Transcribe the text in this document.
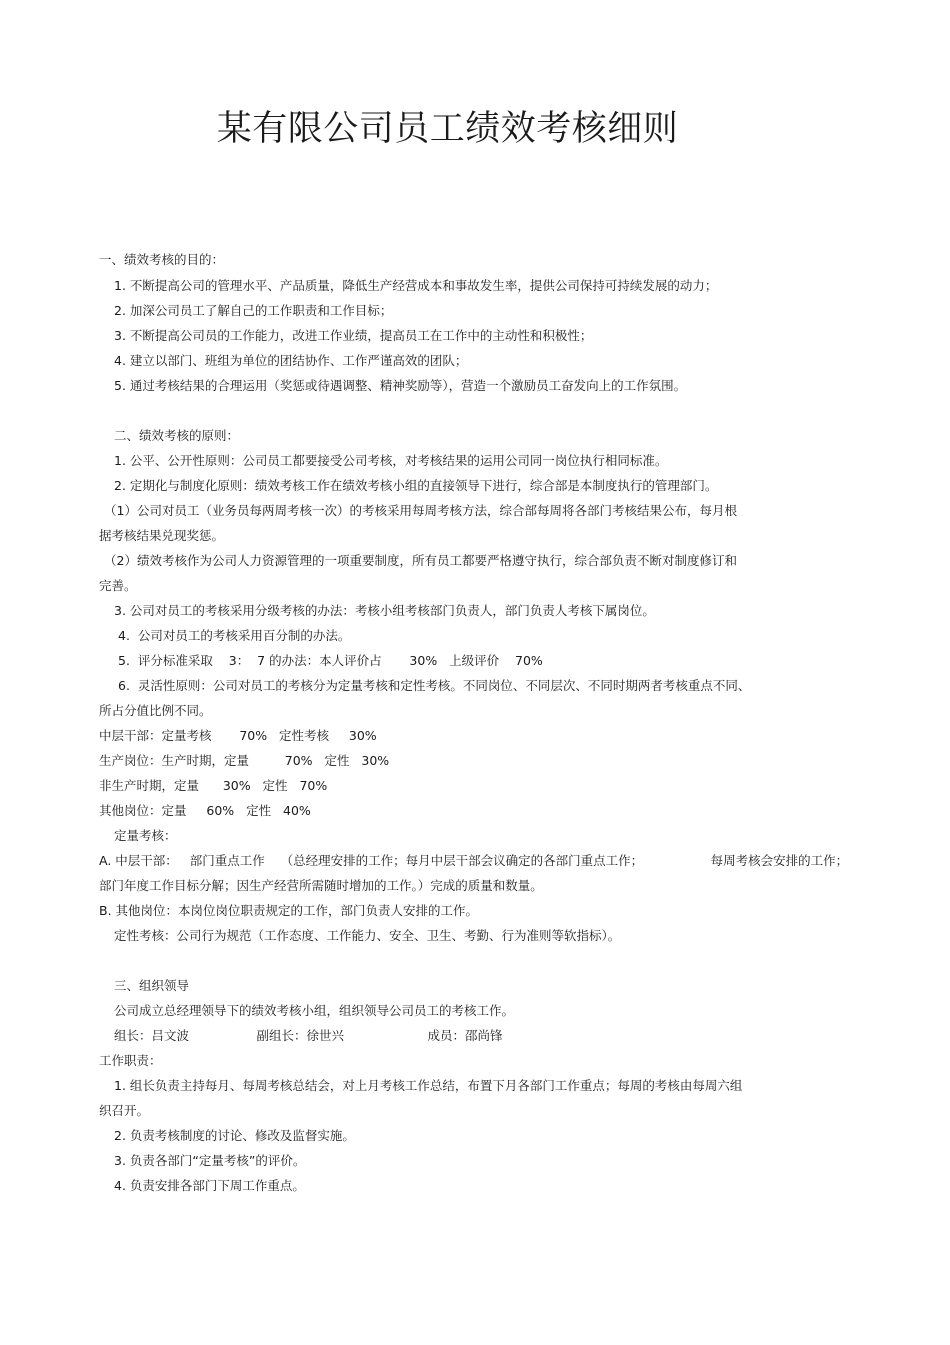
某有限公司员工绩效考核细则
一、绩效考核的目的：
1. 不断提高公司的管理水平、产品质量，降低生产经营成本和事故发生率，提供公司保持可持续发展的动力；
2. 加深公司员工了解自己的工作职责和工作目标；
3. 不断提高公司员的工作能力，改进工作业绩，提高员工在工作中的主动性和积极性；
4. 建立以部门、班组为单位的团结协作、工作严谨高效的团队；
5. 通过考核结果的合理运用（奖惩或待遇调整、精神奖励等），营造一个激励员工奋发向上的工作氛围。
二、绩效考核的原则：
1. 公平、公开性原则：公司员工都要接受公司考核，对考核结果的运用公司同一岗位执行相同标准。
2. 定期化与制度化原则：绩效考核工作在绩效考核小组的直接领导下进行，综合部是本制度执行的管理部门。
（1）公司对员工（业务员每两周考核一次）的考核采用每周考核方法，综合部每周将各部门考核结果公布，每月根
据考核结果兑现奖惩。
（2）绩效考核作为公司人力资源管理的一项重要制度，所有员工都要严格遵守执行，综合部负责不断对制度修订和
完善。
3. 公司对员工的考核采用分级考核的办法：考核小组考核部门负责人，部门负责人考核下属岗位。
4.  公司对员工的考核采用百分制的办法。
5.  评分标准采取    3：  7 的办法：本人评价占       30%   上级评价    70%
6.  灵活性原则：公司对员工的考核分为定量考核和定性考核。不同岗位、不同层次、不同时期两者考核重点不同、
所占分值比例不同。
中层干部：定量考核       70%   定性考核     30%
生产岗位：生产时期，定量         70%   定性   30%
非生产时期，定量      30%   定性   70%
其他岗位：定量     60%   定性   40%
定量考核：
A. 中层干部：   部门重点工作    （总经理安排的工作；每月中层干部会议确定的各部门重点工作；                 每周考核会安排的工作；
部门年度工作目标分解；因生产经营所需随时增加的工作。）完成的质量和数量。
B. 其他岗位：本岗位岗位职责规定的工作，部门负责人安排的工作。
定性考核：公司行为规范（工作态度、工作能力、安全、卫生、考勤、行为准则等软指标）。
三、组织领导
公司成立总经理领导下的绩效考核小组，组织领导公司员工的考核工作。
组长：吕文波                 副组长：徐世兴                     成员：邵尚锋
工作职责：
1. 组长负责主持每月、每周考核总结会，对上月考核工作总结，布置下月各部门工作重点；每周的考核由每周六组
织召开。
2. 负责考核制度的讨论、修改及监督实施。
3. 负责各部门“定量考核”的评价。
4. 负责安排各部门下周工作重点。
